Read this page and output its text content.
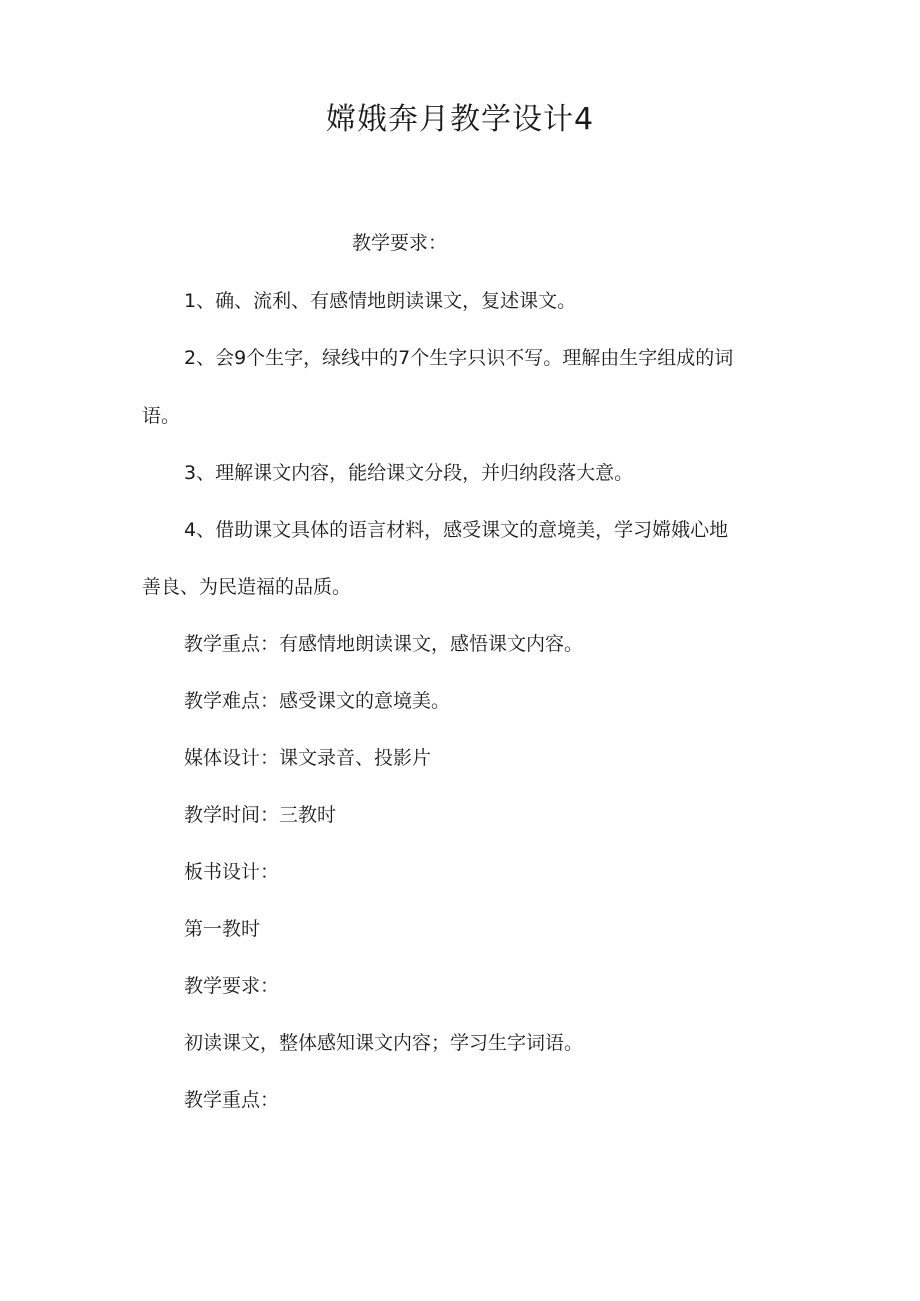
嫦娥奔月教学设计4

教学要求：

1、确、流利、有感情地朗读课文，复述课文。

2、会9个生字，绿线中的7个生字只识不写。理解由生字组成的词

语。

3、理解课文内容，能给课文分段，并归纳段落大意。

4、借助课文具体的语言材料，感受课文的意境美，学习嫦娥心地

善良、为民造福的品质。

教学重点：有感情地朗读课文，感悟课文内容。

教学难点：感受课文的意境美。

媒体设计：课文录音、投影片

教学时间：三教时

板书设计：

第一教时

教学要求：

初读课文，整体感知课文内容；学习生字词语。

教学重点：
